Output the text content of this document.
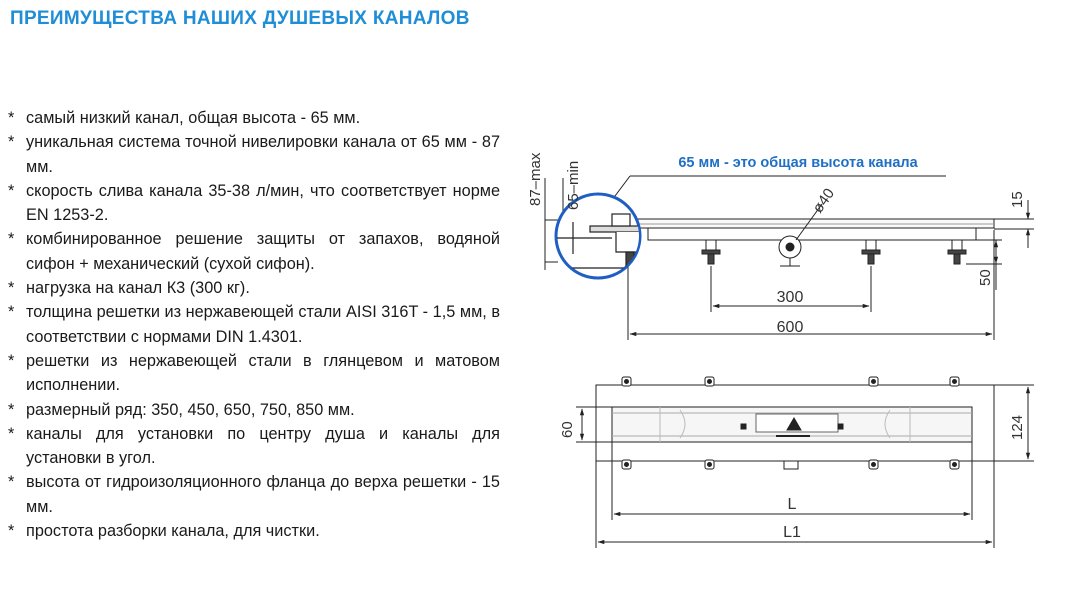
ПРЕИМУЩЕСТВА НАШИХ ДУШЕВЫХ КАНАЛОВ
* самый низкий канал, общая высота - 65 мм.
* уникальная система точной нивелировки канала от 65 мм - 87 мм.
* скорость слива канала 35-38 л/мин, что соответствует норме EN 1253-2.
* комбинированное решение защиты от запахов, водяной сифон + механический (сухой сифон).
* нагрузка на канал К3 (300 кг).
* толщина решетки из нержавеющей стали AISI 316T - 1,5 мм, в соответствии с нормами DIN 1.4301.
* решетки из нержавеющей стали в глянцевом и матовом исполнении.
* размерный ряд: 350, 450, 650, 750, 850 мм.
* каналы для установки по центру душа и каналы для установки в угол.
* высота от гидроизоляционного фланца до верха решетки - 15 мм.
* простота разборки канала, для чистки.
65 мм - это общая высота канала
87–max 65–min	ø40	15
50
300
600
60	124
L
L1
